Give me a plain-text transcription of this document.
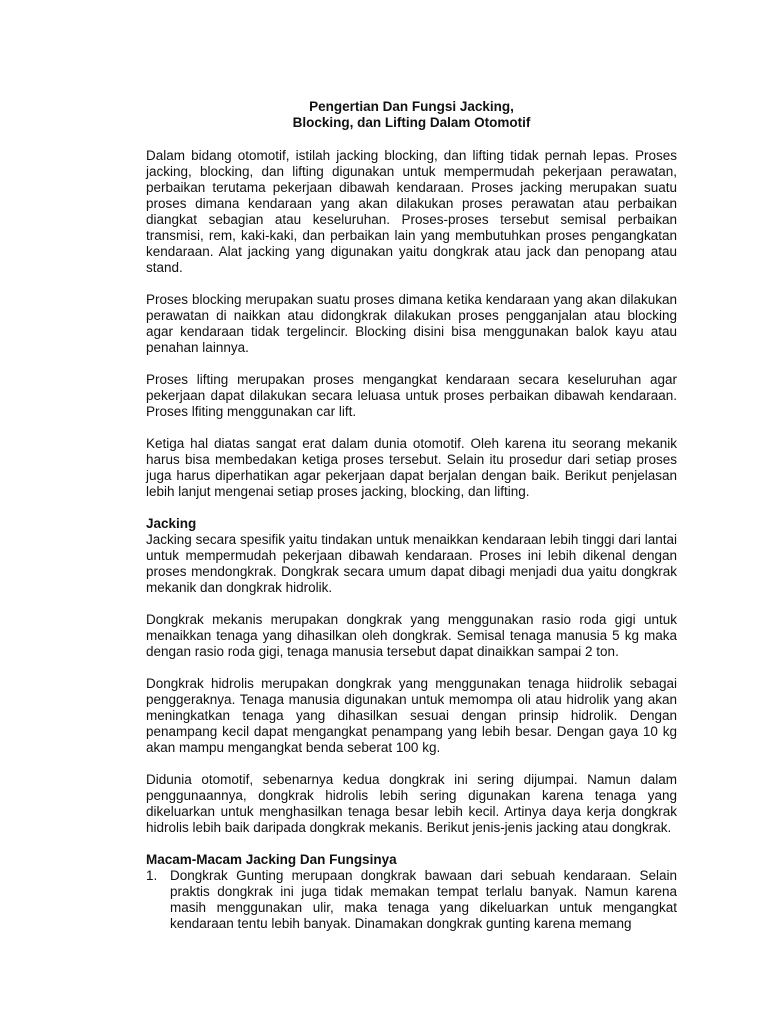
Pengertian Dan Fungsi Jacking,
Blocking, dan Lifting Dalam Otomotif

Dalam bidang otomotif, istilah jacking blocking, dan lifting tidak pernah lepas. Proses jacking, blocking, dan lifting digunakan untuk mempermudah pekerjaan perawatan, perbaikan terutama pekerjaan dibawah kendaraan. Proses jacking merupakan suatu proses dimana kendaraan yang akan dilakukan proses perawatan atau perbaikan diangkat sebagian atau keseluruhan. Proses-proses tersebut semisal perbaikan transmisi, rem, kaki-kaki, dan perbaikan lain yang membutuhkan proses pengangkatan kendaraan. Alat jacking yang digunakan yaitu dongkrak atau jack dan penopang atau stand.

Proses blocking merupakan suatu proses dimana ketika kendaraan yang akan dilakukan perawatan di naikkan atau didongkrak dilakukan proses pengganjalan atau blocking agar kendaraan tidak tergelincir. Blocking disini bisa menggunakan balok kayu atau penahan lainnya.

Proses lifting merupakan proses mengangkat kendaraan secara keseluruhan agar pekerjaan dapat dilakukan secara leluasa untuk proses perbaikan dibawah kendaraan. Proses lfiting menggunakan car lift.

Ketiga hal diatas sangat erat dalam dunia otomotif. Oleh karena itu seorang mekanik harus bisa membedakan ketiga proses tersebut. Selain itu prosedur dari setiap proses juga harus diperhatikan agar pekerjaan dapat berjalan dengan baik. Berikut penjelasan lebih lanjut mengenai setiap proses jacking, blocking, dan lifting.

Jacking

Jacking secara spesifik yaitu tindakan untuk menaikkan kendaraan lebih tinggi dari lantai untuk mempermudah pekerjaan dibawah kendaraan. Proses ini lebih dikenal dengan proses mendongkrak. Dongkrak secara umum dapat dibagi menjadi dua yaitu dongkrak mekanik dan dongkrak hidrolik.

Dongkrak mekanis merupakan dongkrak yang menggunakan rasio roda gigi untuk menaikkan tenaga yang dihasilkan oleh dongkrak. Semisal tenaga manusia 5 kg maka dengan rasio roda gigi, tenaga manusia tersebut dapat dinaikkan sampai 2 ton.

Dongkrak hidrolis merupakan dongkrak yang menggunakan tenaga hiidrolik sebagai penggeraknya. Tenaga manusia digunakan untuk memompa oli atau hidrolik yang akan meningkatkan tenaga yang dihasilkan sesuai dengan prinsip hidrolik. Dengan penampang kecil dapat mengangkat penampang yang lebih besar. Dengan gaya 10 kg akan mampu mengangkat benda seberat 100 kg.

Didunia otomotif, sebenarnya kedua dongkrak ini sering dijumpai. Namun dalam penggunaannya, dongkrak hidrolis lebih sering digunakan karena tenaga yang dikeluarkan untuk menghasilkan tenaga besar lebih kecil. Artinya daya kerja dongkrak hidrolis lebih baik daripada dongkrak mekanis. Berikut jenis-jenis jacking atau dongkrak.

Macam-Macam Jacking Dan Fungsinya
1. Dongkrak Gunting merupaan dongkrak bawaan dari sebuah kendaraan. Selain praktis dongkrak ini juga tidak memakan tempat terlalu banyak. Namun karena masih menggunakan ulir, maka tenaga yang dikeluarkan untuk mengangkat kendaraan tentu lebih banyak. Dinamakan dongkrak gunting karena memang
